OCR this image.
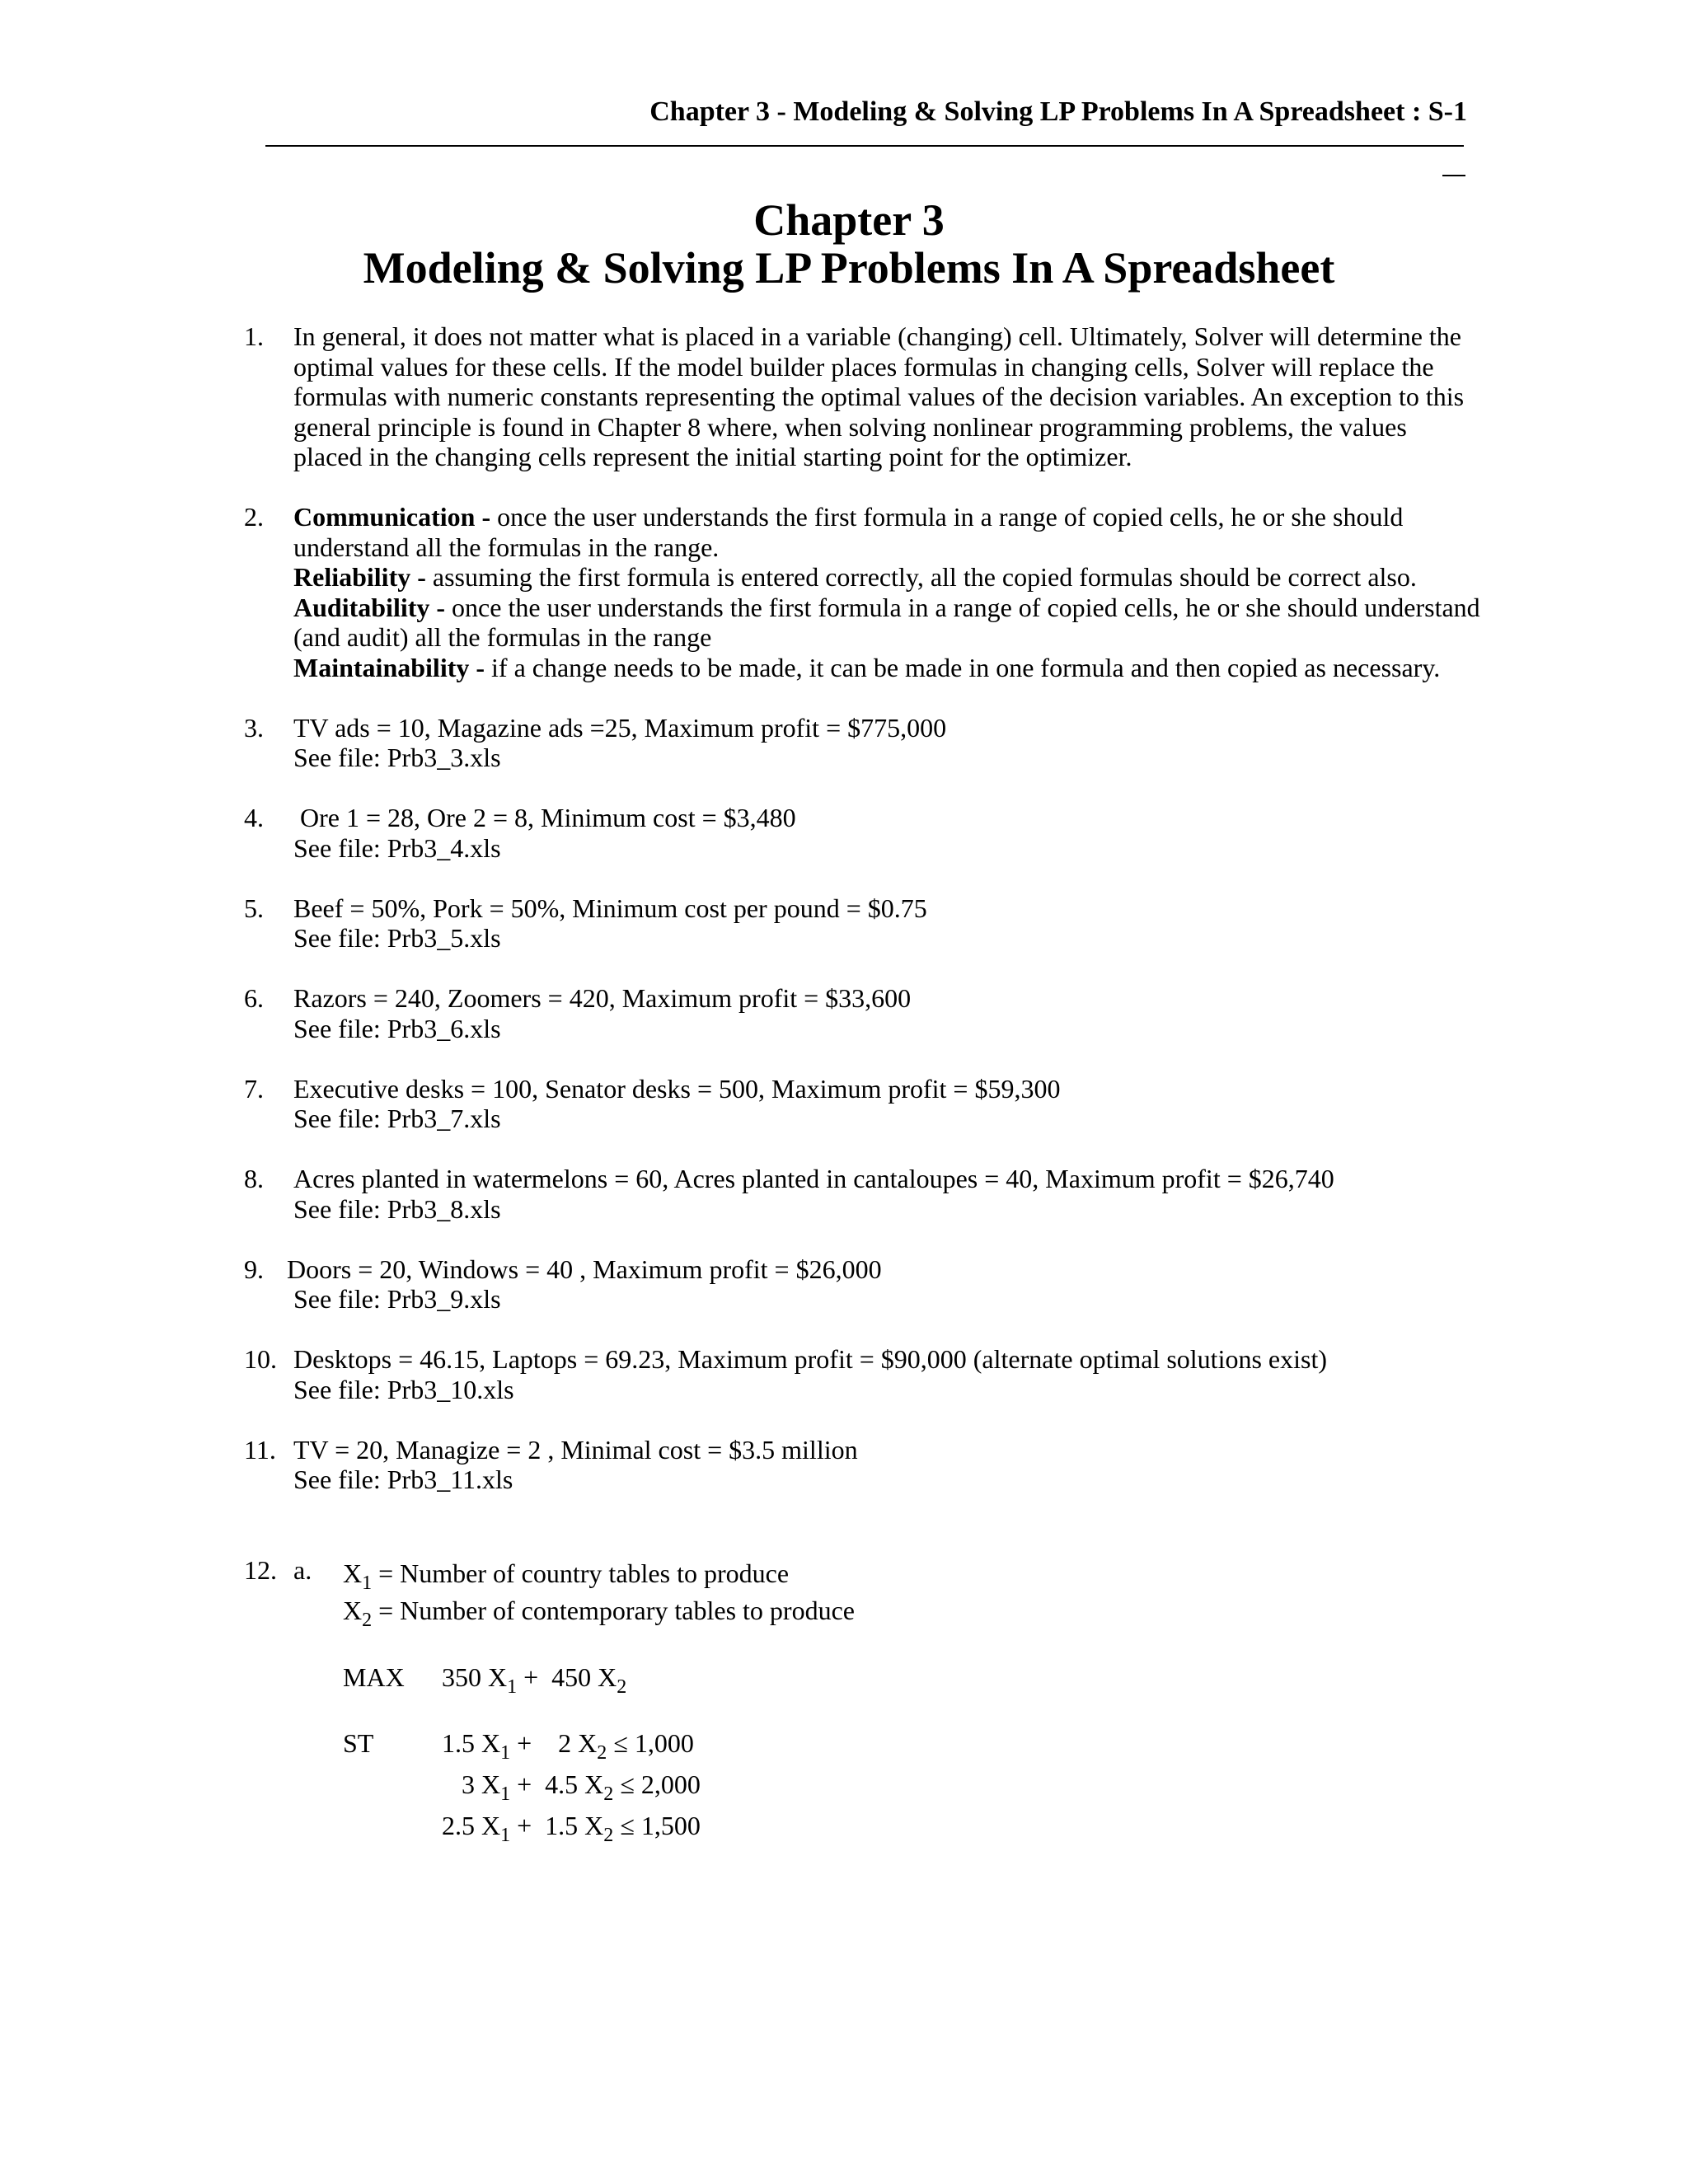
Chapter 3 - Modeling & Solving LP Problems In A Spreadsheet : S-1
Chapter 3
Modeling & Solving LP Problems In A Spreadsheet
1. In general, it does not matter what is placed in a variable (changing) cell. Ultimately, Solver will determine the optimal values for these cells. If the model builder places formulas in changing cells, Solver will replace the formulas with numeric constants representing the optimal values of the decision variables. An exception to this general principle is found in Chapter 8 where, when solving nonlinear programming problems, the values placed in the changing cells represent the initial starting point for the optimizer.

2. Communication - once the user understands the first formula in a range of copied cells, he or she should understand all the formulas in the range.

Reliability - assuming the first formula is entered correctly, all the copied formulas should be correct also.

Auditability - once the user understands the first formula in a range of copied cells, he or she should understand (and audit) all the formulas in the range

Maintainability - if a change needs to be made, it can be made in one formula and then copied as necessary.

3. TV ads = 10, Magazine ads =25, Maximum profit = $775,000

See file: Prb3_3.xls

4. Ore 1 = 28, Ore 2 = 8, Minimum cost = $3,480

See file: Prb3_4.xls

5. Beef = 50%, Pork = 50%, Minimum cost per pound = $0.75

See file: Prb3_5.xls

6. Razors = 240, Zoomers = 420, Maximum profit = $33,600

See file: Prb3_6.xls

7. Executive desks = 100, Senator desks = 500, Maximum profit = $59,300

See file: Prb3_7.xls

8. Acres planted in watermelons = 60, Acres planted in cantaloupes = 40, Maximum profit = $26,740

See file: Prb3_8.xls

9. Doors = 20, Windows = 40 , Maximum profit = $26,000

See file: Prb3_9.xls

10. Desktops = 46.15, Laptops = 69.23, Maximum profit = $90,000 (alternate optimal solutions exist)

See file: Prb3_10.xls

11. TV = 20, Managize = 2 , Minimal cost = $3.5 million

See file: Prb3_11.xls

12. a. $X_1$ = Number of country tables to produce
$X_2$ = Number of contemporary tables to produce
MAX 350 $X_1 + 450$ $X_2$
ST	1.5 $X_1$ +    2 $X_2 \le 1,000$
3 $X_1 + 4.5$ $X_2 \le 2,000$
2.5 $X_1 + 1.5$ $X_2 \le 1,500$
